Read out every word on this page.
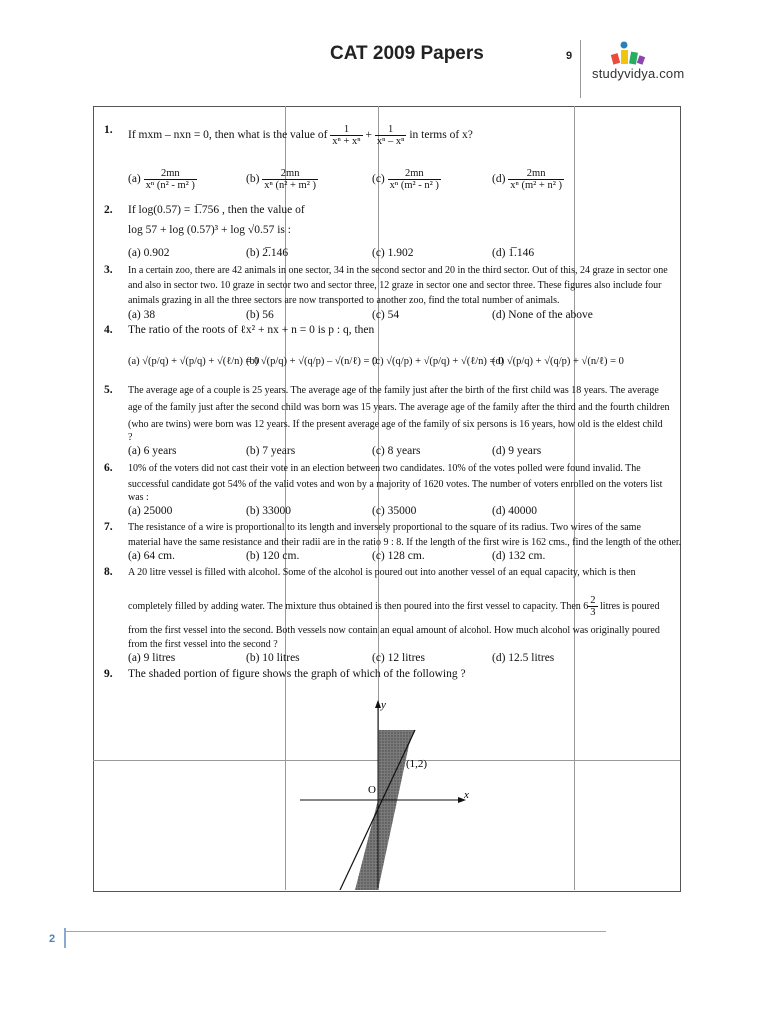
CAT 2009 Papers	9
studyvidya.com
1. If mxm – nxn = 0, then what is the value of $\frac{1}{\text{xⁿ + xⁿ}} + \frac{1}{\text{xⁿ – xⁿ}}$ in terms of x?
$(a) \frac{2mn}{\text{xⁿ (n² - m² )}}$	$(b) \frac{2mn}{\text{xⁿ (n² + m² )}}$	$(c) \frac{2mn}{\text{xⁿ (m² - n² )}}$	$(d) \frac{2mn}{\text{xⁿ (m² + n² )}}$
2. If log(0.57) = 1̅.756 , then the value of
log 57 + log (0.57)³ + log √0.57 is :
(a) 0.902	(b) 2̅.146	(c) 1.902	(d) 1̅.146
3. In a certain zoo, there are 42 animals in one sector, 34 in the second sector and 20 in the third sector. Out of this, 24 graze in sector one
and also in sector two. 10 graze in sector two and sector three, 12 graze in sector one and sector three. These figures also include four
animals grazing in all the three sectors are now transported to another zoo, find the total number of animals.
(a) 38	(b) 56	(c) 54	(d) None of the above
4. The ratio of the roots of ℓx² + nx + n = 0 is p : q, then
(a) √(p/q) + √(p/q) + √(ℓ/n) = 0
(b) √(p/q) + √(q/p) – √(n/ℓ) = 0
(c) √(q/p) + √(p/q) + √(ℓ/n) = 0
(d) √(p/q) + √(q/p) + √(n/ℓ) = 0
5. The average age of a couple is 25 years. The average age of the family just after the birth of the first child was 18 years. The average
age of the family just after the second child was born was 15 years. The average age of the family after the third and the fourth children
(who are twins) were born was 12 years. If the present average age of the family of six persons is 16 years, how old is the eldest child
?
(a) 6 years	(b) 7 years	(c) 8 years	(d) 9 years
6. 10% of the voters did not cast their vote in an election between two candidates. 10% of the votes polled were found invalid. The
successful candidate got 54% of the valid votes and won by a majority of 1620 votes. The number of voters enrolled on the voters list
was :
(a) 25000	(b) 33000	(c) 35000	(d) 40000
7. The resistance of a wire is proportional to its length and inversely proportional to the square of its radius. Two wires of the same
material have the same resistance and their radii are in the ratio 9 : 8. If the length of the first wire is 162 cms., find the length of the other.
(a) 64 cm.	(b) 120 cm.	(c) 128 cm.	(d) 132 cm.
8. A 20 litre vessel is filled with alcohol. Some of the alcohol is poured out into another vessel of an equal capacity, which is then
completely filled by adding water. The mixture thus obtained is then poured into the first vessel to capacity. Then $6 \frac{2}{3}$ litres is poured
from the first vessel into the second. Both vessels now contain an equal amount of alcohol. How much alcohol was originally poured
from the first vessel into the second ?
(a) 9 litres	(b) 10 litres	(c) 12 litres	(d) 12.5 litres
9. The shaded portion of figure shows the graph of which of the following ?
y
x
O
(1,2)
2
